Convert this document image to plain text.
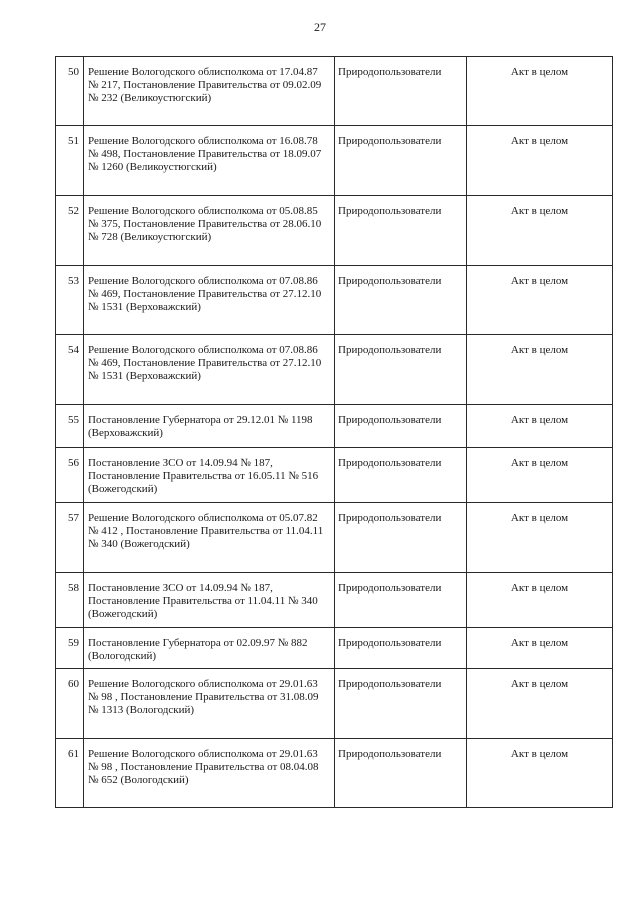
27
50	Решение Вологодского облисполкома от 17.04.87 № 217, Постановление Правительства от 09.02.09 № 232 (Великоустюгский)	Природопользователи	Акт в целом
51	Решение Вологодского облисполкома от 16.08.78 № 498, Постановление Правительства от 18.09.07 № 1260 (Великоустюгский)	Природопользователи	Акт в целом
52	Решение Вологодского облисполкома от 05.08.85 № 375, Постановление Правительства от 28.06.10 № 728 (Великоустюгский)	Природопользователи	Акт в целом
53	Решение Вологодского облисполкома от 07.08.86 № 469, Постановление Правительства от 27.12.10 № 1531 (Верховажский)	Природопользователи	Акт в целом
54	Решение Вологодского облисполкома от 07.08.86 № 469, Постановление Правительства от 27.12.10 № 1531 (Верховажский)	Природопользователи	Акт в целом
55	Постановление Губернатора от 29.12.01 № 1198 (Верховажский)	Природопользователи	Акт в целом
56	Постановление ЗСО от 14.09.94 № 187, Постановление Правительства от 16.05.11 № 516 (Вожегодский)	Природопользователи	Акт в целом
57	Решение Вологодского облисполкома от 05.07.82 № 412 , Постановление Правительства от 11.04.11 № 340 (Вожегодский)	Природопользователи	Акт в целом
58	Постановление ЗСО от 14.09.94 № 187, Постановление Правительства от 11.04.11 № 340 (Вожегодский)	Природопользователи	Акт в целом
59	Постановление Губернатора от 02.09.97 № 882 (Вологодский)	Природопользователи	Акт в целом
60	Решение Вологодского облисполкома от 29.01.63 № 98 , Постановление Правительства от 31.08.09 № 1313 (Вологодский)	Природопользователи	Акт в целом
61	Решение Вологодского облисполкома от 29.01.63 № 98 , Постановление Правительства от 08.04.08 № 652 (Вологодский)	Природопользователи	Акт в целом
